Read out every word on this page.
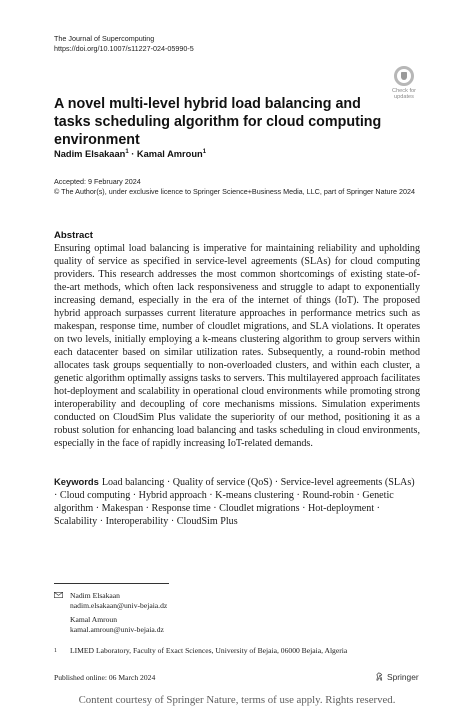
The Journal of Supercomputing
https://doi.org/10.1007/s11227-024-05990-5
Check for
updates
A novel multi-level hybrid load balancing and tasks scheduling algorithm for cloud computing environment
Nadim Elsakaan$^1$ · Kamal Amroun$^1$
Accepted: 9 February 2024
© The Author(s), under exclusive licence to Springer Science+Business Media, LLC, part of Springer Nature 2024
Abstract

Ensuring optimal load balancing is imperative for maintaining reliability and upholding quality of service as specified in service-level agreements (SLAs) for cloud computing providers. This research addresses the most common shortcomings of existing state-of-the-art methods, which often lack responsiveness and struggle to adapt to exponentially increasing demand, especially in the era of the internet of things (IoT). The proposed hybrid approach surpasses current literature approaches in performance metrics such as makespan, response time, number of cloudlet migrations, and SLA violations. It operates on two levels, initially employing a k-means clustering algorithm to group servers within each datacenter based on similar utilization rates. Subsequently, a round-robin method allocates task groups sequentially to non-overloaded clusters, and within each cluster, a genetic algorithm optimally assigns tasks to servers. This multilayered approach facilitates hot-deployment and scalability in operational cloud environments while promoting strong interoperability and decoupling of core mechanisms missions. Simulation experiments conducted on CloudSim Plus validate the superiority of our method, positioning it as a robust solution for enhancing load balancing and tasks scheduling in cloud environments, especially in the face of rapidly increasing IoT-related demands.

Keywords Load balancing · Quality of service (QoS) · Service-level agreements (SLAs) · Cloud computing · Hybrid approach · K-means clustering · Round-robin · Genetic algorithm · Makespan · Response time · Cloudlet migrations · Hot-deployment · Scalability · Interoperability · CloudSim Plus

Nadim Elsakaan
nadim.elsakaan@univ-bejaia.dz
Kamal Amroun
kamal.amroun@univ-bejaia.dz
1 LIMED Laboratory, Faculty of Exact Sciences, University of Bejaia, 06000 Bejaia, Algeria
Published online: 06 March 2024	Springer
Content courtesy of Springer Nature, terms of use apply. Rights reserved.
